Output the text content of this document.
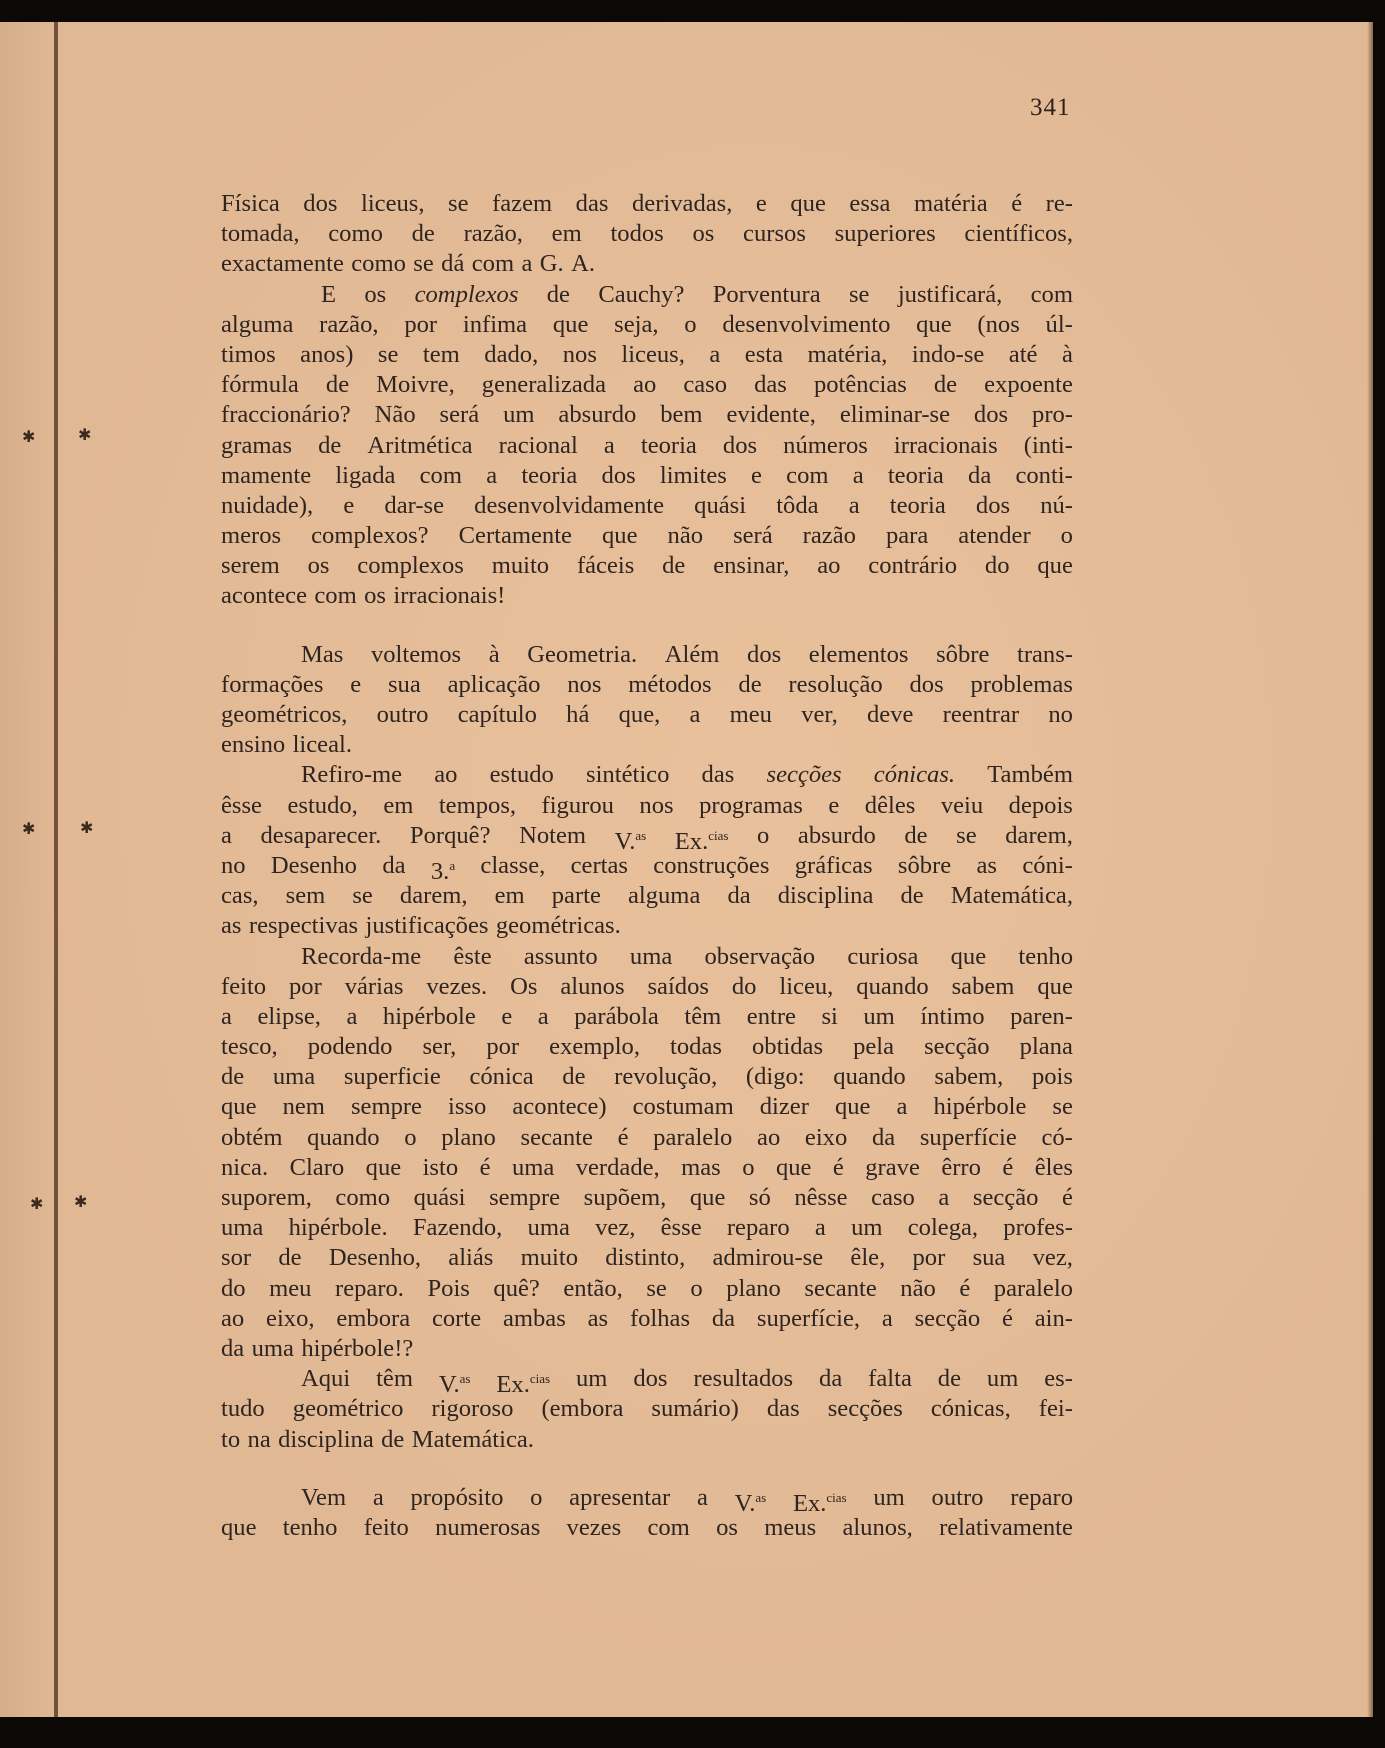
✱	✱
✱	✱
✱ ✱
341
Física dos liceus, se fazem das derivadas, e que essa matéria é re-
tomada, como de razão, em todos os cursos superiores científicos,
exactamente como se dá com a G. A.
E os complexos de Cauchy? Porventura se justificará, com
alguma razão, por infima que seja, o desenvolvimento que (nos úl-
timos anos) se tem dado, nos liceus, a esta matéria, indo-se até à
fórmula de Moivre, generalizada ao caso das potências de expoente
fraccionário? Não será um absurdo bem evidente, eliminar-se dos pro-
gramas de Aritmética racional a teoria dos números irracionais (inti-
mamente ligada com a teoria dos limites e com a teoria da conti-
nuidade), e dar-se desenvolvidamente quási tôda a teoria dos nú-
meros complexos? Certamente que não será razão para atender o
serem os complexos muito fáceis de ensinar, ao contrário do que
acontece com os irracionais!
Mas voltemos à Geometria. Além dos elementos sôbre trans-
formações e sua aplicação nos métodos de resolução dos problemas
geométricos, outro capítulo há que, a meu ver, deve reentrar no
ensino liceal.
Refiro-me ao estudo sintético das secções cónicas. Também
êsse estudo, em tempos, figurou nos programas e dêles veiu depois
a desaparecer. Porquê? Notem V.$^{as}$ Ex.$^{cias}$ o absurdo de se darem,
no Desenho da 3.$^a$ classe, certas construções gráficas sôbre as cóni-
cas, sem se darem, em parte alguma da disciplina de Matemática,
as respectivas justificações geométricas.
Recorda-me êste assunto uma observação curiosa que tenho
feito por várias vezes. Os alunos saídos do liceu, quando sabem que
a elipse, a hipérbole e a parábola têm entre si um íntimo paren-
tesco, podendo ser, por exemplo, todas obtidas pela secção plana
de uma superficie cónica de revolução, (digo: quando sabem, pois
que nem sempre isso acontece) costumam dizer que a hipérbole se
obtém quando o plano secante é paralelo ao eixo da superfície có-
nica. Claro que isto é uma verdade, mas o que é grave êrro é êles
suporem, como quási sempre supõem, que só nêsse caso a secção é
uma hipérbole. Fazendo, uma vez, êsse reparo a um colega, profes-
sor de Desenho, aliás muito distinto, admirou-se êle, por sua vez,
do meu reparo. Pois quê? então, se o plano secante não é paralelo
ao eixo, embora corte ambas as folhas da superfície, a secção é ain-
da uma hipérbole!?
Aqui têm V.$^{as}$ Ex.$^{cias}$ um dos resultados da falta de um es-
tudo geométrico rigoroso (embora sumário) das secções cónicas, fei-
to na disciplina de Matemática.
Vem a propósito o apresentar a V.$^{as}$ Ex.$^{cias}$ um outro reparo
que tenho feito numerosas vezes com os meus alunos, relativamente
